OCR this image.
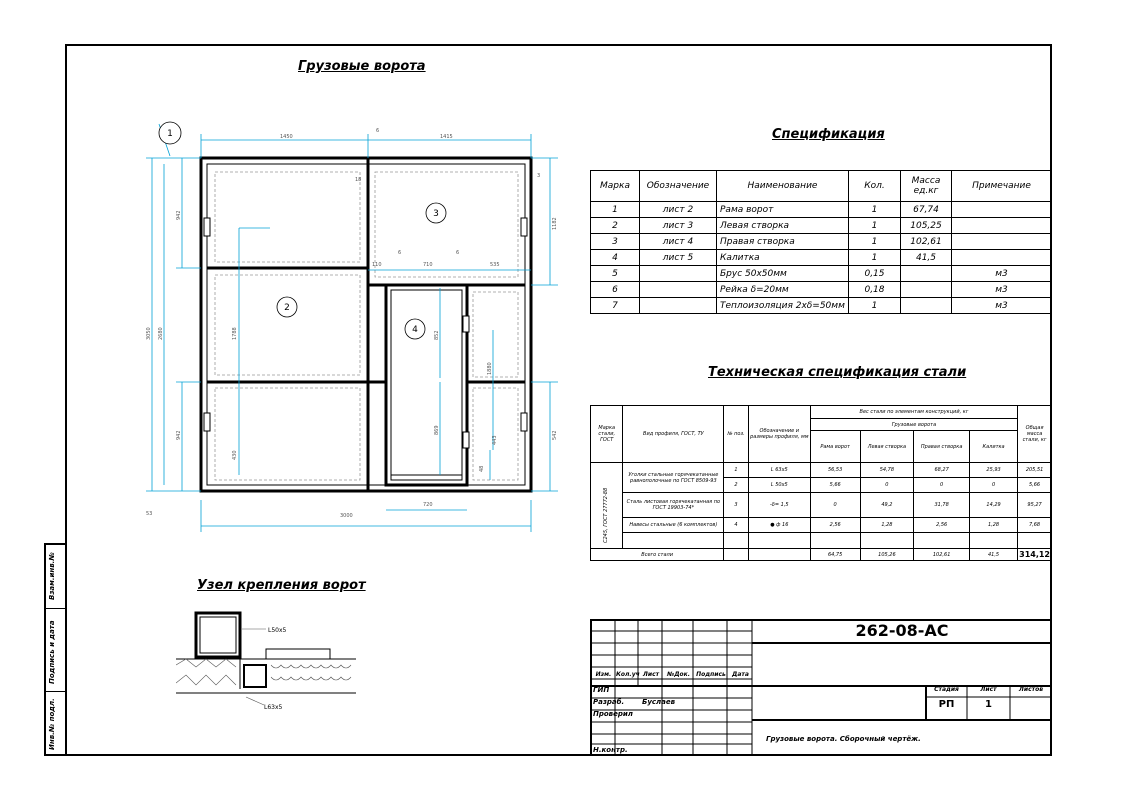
Взам.инв.№
Подпись и дата
Инв.№ подл.
Грузовые ворота
1450
6
1415
18
3
3000
720
110	710	535
6	6
53
942
942
3050 2680	1788
430
1182
542
852
1880
869
443
48
1
2
3
4
Узел крепления ворот
L50x5
L63x5
Спецификация
Марка	Обозначение	Наименование	Кол.	Масса ед.кг	Примечание
1	лист 2	Рама ворот	1	67,74	
2	лист 3	Левая створка	1	105,25	
3	лист 4	Правая створка	1	102,61	
4	лист 5	Калитка	1	41,5	
5		Брус 50х50мм	0,15		м3
6		Рейка δ=20мм	0,18		м3
7		Теплоизоляция 2хδ=50мм	1		м3
Техническая спецификация стали
Марка стали, ГОСТ	Вид профиля, ГОСТ, ТУ	№ поз.	Обозначение и размеры профиля, мм	Вес стали по элементам конструкций, кг				Общая масса стали, кг
				Грузовые ворота				
				Рама ворот	Левая створка	Правая створка	Калитка	

С245, ГОСТ 27772-88	Уголки стальные горячекатанные равнополочные по ГОСТ 8509-93	1	L 63х5	56,53	54,78	68,27	25,93	205,51
		2	L 50х5	5,66	0	0	0	5,66
	Сталь листовая горячекатанная по ГОСТ 19903-74*	3	-δ= 1,5	0	49,2	31,78	14,29	95,27
	Навесы стальные (6 комплектов)	4	● ф 16	2,56	1,28	2,56	1,28	7,68

Всего стали				64,75	105,26	102,61	41,5	314,12
262-08-АС
Изм. Кол.уч Лист	№Док.	Подпись	Дата
ГИП
Разраб.
Проверил
Н.контр.
Буслаев
Стадия	Лист	Листов
РП	1
Грузовые ворота. Сборочный чертёж.
